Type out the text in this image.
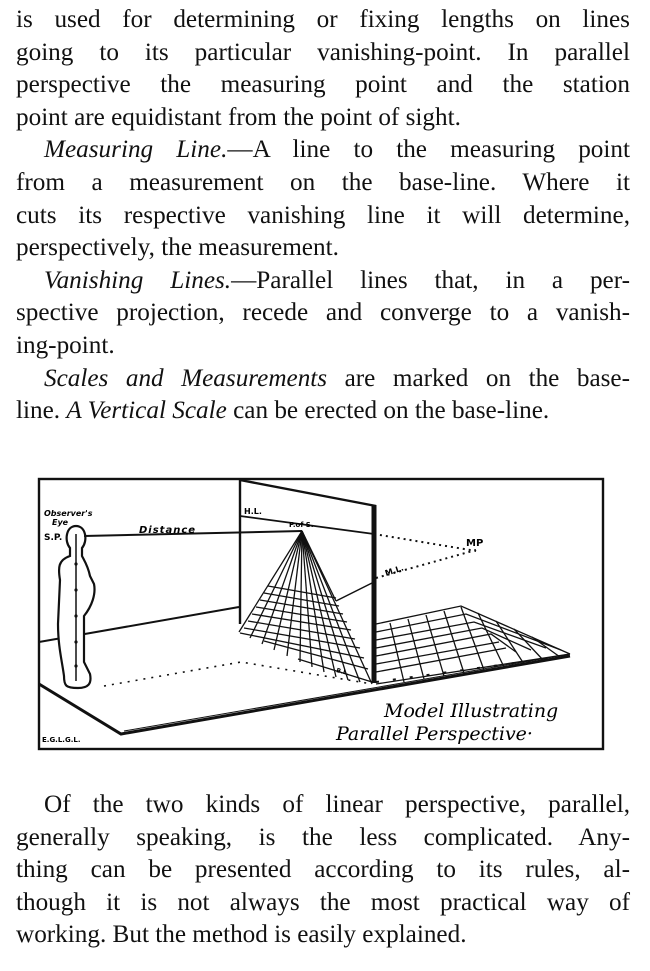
is used for determining or fixing lengths on lines
going to its particular vanishing-point. In parallel
perspective the measuring point and the station
point are equidistant from the point of sight.
Measuring Line.—A line to the measuring point
from a measurement on the base-line. Where it
cuts its respective vanishing line it will determine,
perspectively, the measurement.
Vanishing Lines.—Parallel lines that, in a per-
spective projection, recede and converge to a vanish-
ing-point.
Scales and Measurements are marked on the base-
line. A Vertical Scale can be erected on the base-line.
Observer's
Eye
S.P.
Distance
H.L.
P.of S.
MP
M.L.
B.L.
E.G.L.G.L.
Model Illustrating
Parallel Perspective·
Of the two kinds of linear perspective, parallel,
generally speaking, is the less complicated. Any-
thing can be presented according to its rules, al-
though it is not always the most practical way of
working. But the method is easily explained.
